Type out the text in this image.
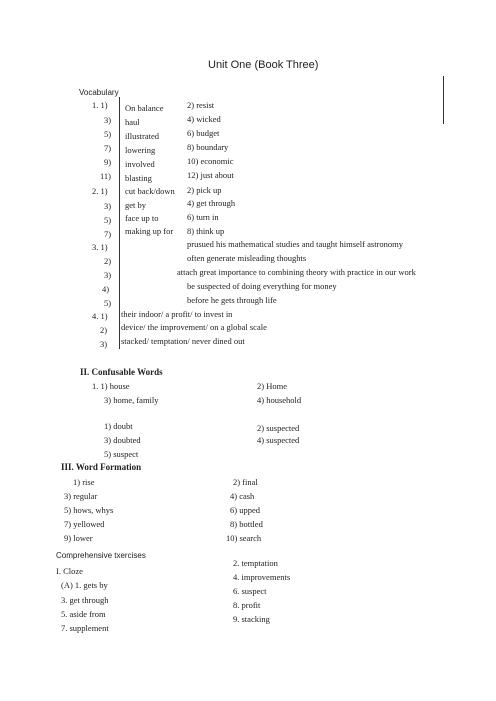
Unit One (Book Three)
Vocabulary
1. 1) On balance	2) resist
3) haul	4) wicked
5) illustrated	6) budget
7) lowering	8) boundary
9) involved	10) economic
11) blasting	12) just about
2. 1) cut back/down 2) pick up
3) get by	4) get through
5) face up to	6) turn in
7) making up for 8) think up
3. 1)	prusued his mathematical studies and taught himself astronomy
2)	often generate misleading thoughts
3)	attach great importance to combining theory with practice in our work
4)	be suspected of doing everything for money
5)	before he gets through life
4. 1) their indoor/ a profit/ to invest in
2) device/ the improvement/ on a global scale
3) stacked/ temptation/ never dined out
II. Confusable Words
1. 1) house	2) Home
3) home, family	4) household
1) doubt	2) suspected
3) doubted	4) suspected
5) suspect
III. Word Formation
1) rise	2) final
3) regular	4) cash
5) hows, whys	6) upped
7) yellowed	8) bottled
9) lower	10) search
Comprehensive txercises
I. Cloze
(A) 1. gets by
3. get through
5. aside from
7. supplement
2. temptation
4. improvements
6. suspect
8. profit
9. stacking
